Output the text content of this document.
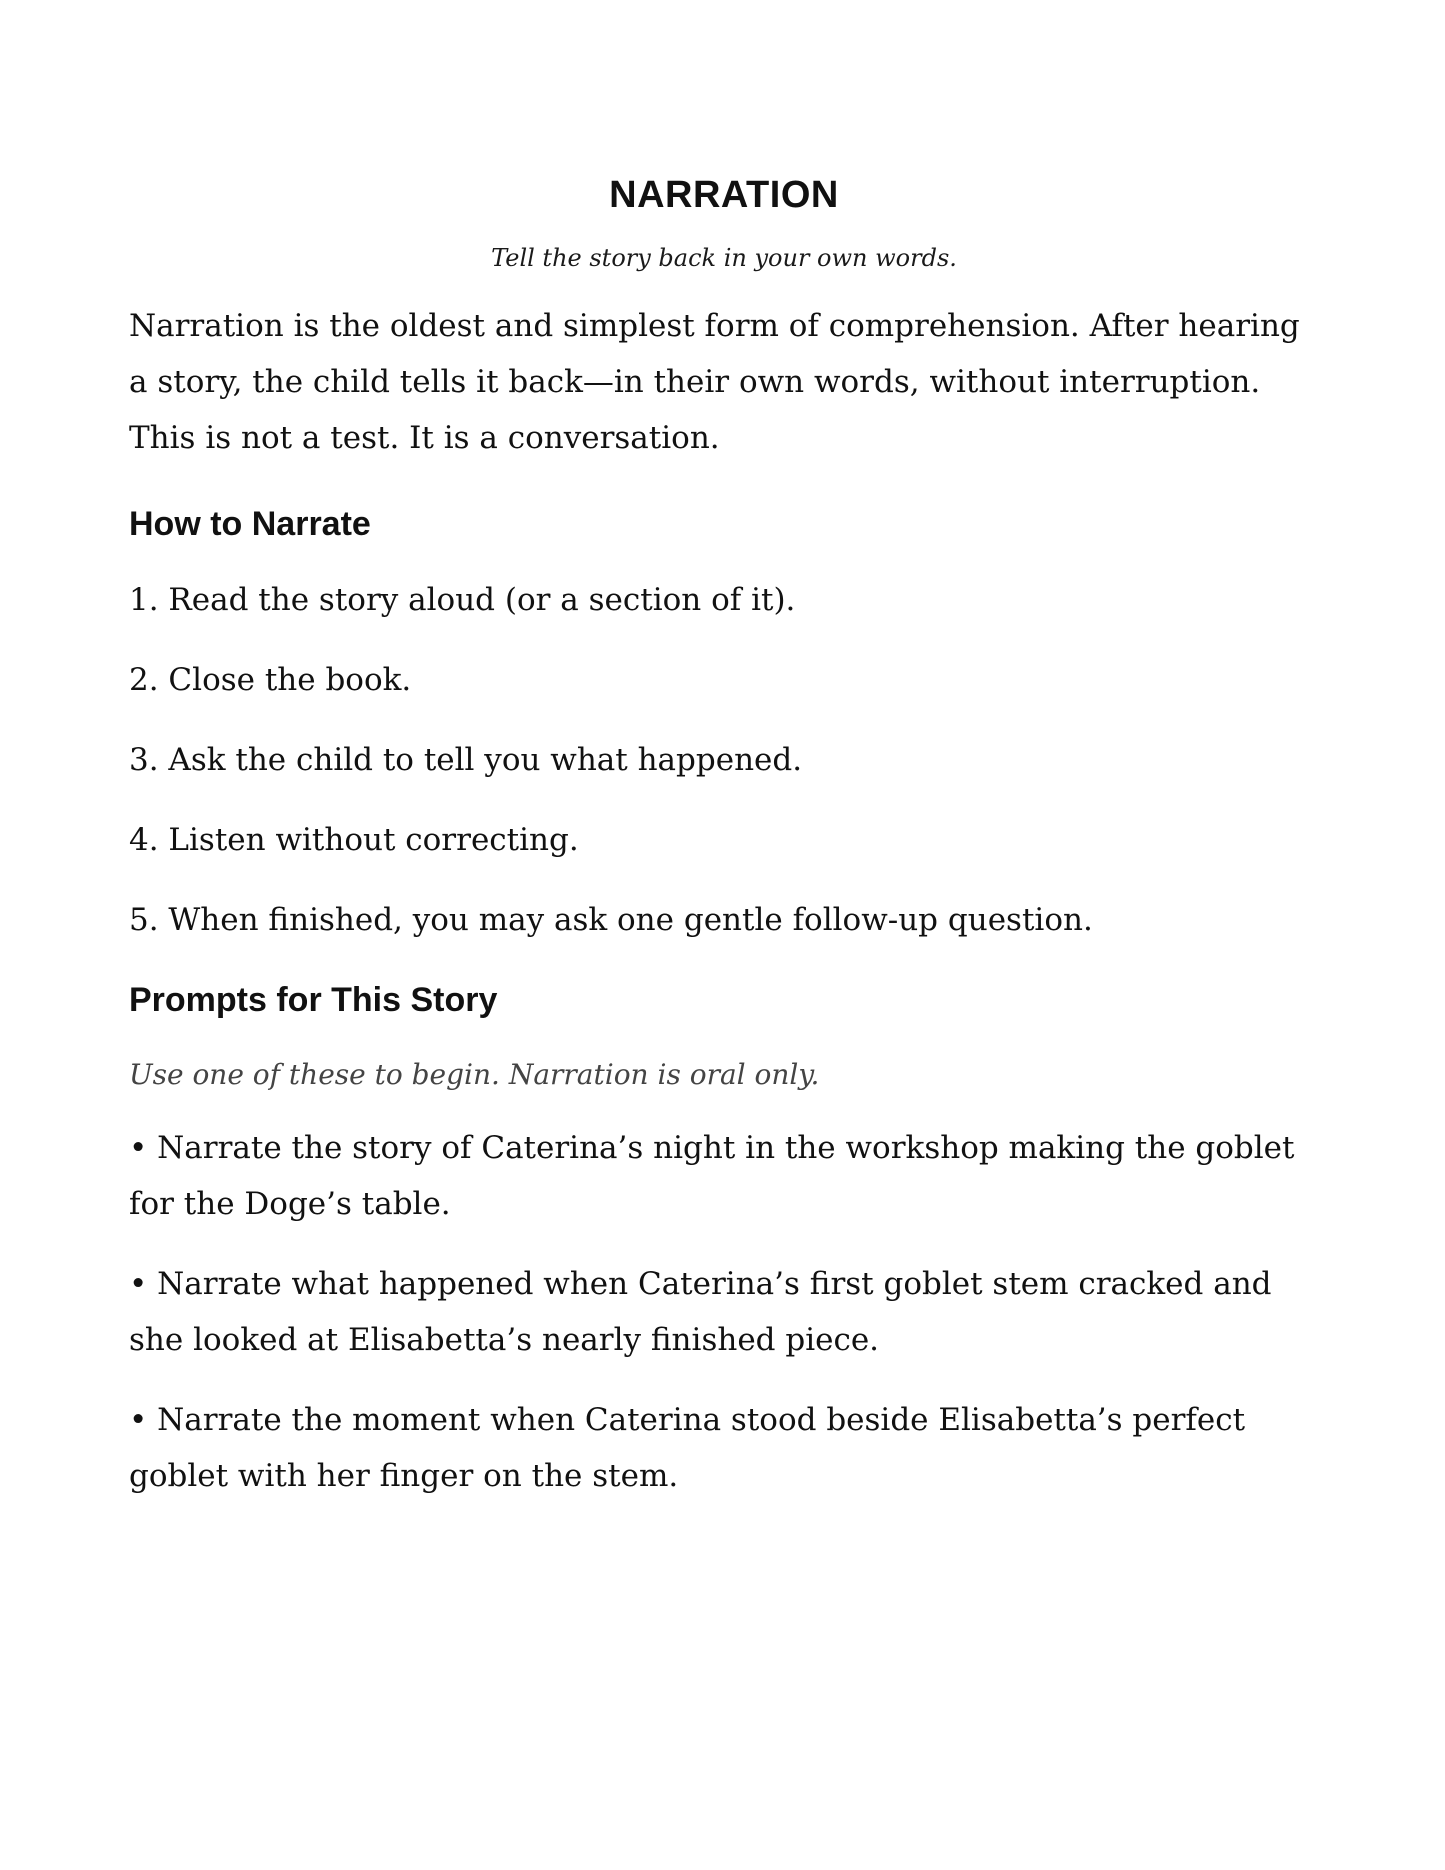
NARRATION

Tell the story back in your own words.

Narration is the oldest and simplest form of comprehension. After hearing a story, the child tells it back—in their own words, without interruption. This is not a test. It is a conversation.

How to Narrate
1. Read the story aloud (or a section of it).
2. Close the book.
3. Ask the child to tell you what happened.
4. Listen without correcting.
5. When finished, you may ask one gentle follow-up question.
Prompts for This Story

Use one of these to begin. Narration is oral only.

• Narrate the story of Caterina’s night in the workshop making the goblet for the Doge’s table.
• Narrate what happened when Caterina’s first goblet stem cracked and she looked at Elisabetta’s nearly finished piece.
• Narrate the moment when Caterina stood beside Elisabetta’s perfect goblet with her finger on the stem.
